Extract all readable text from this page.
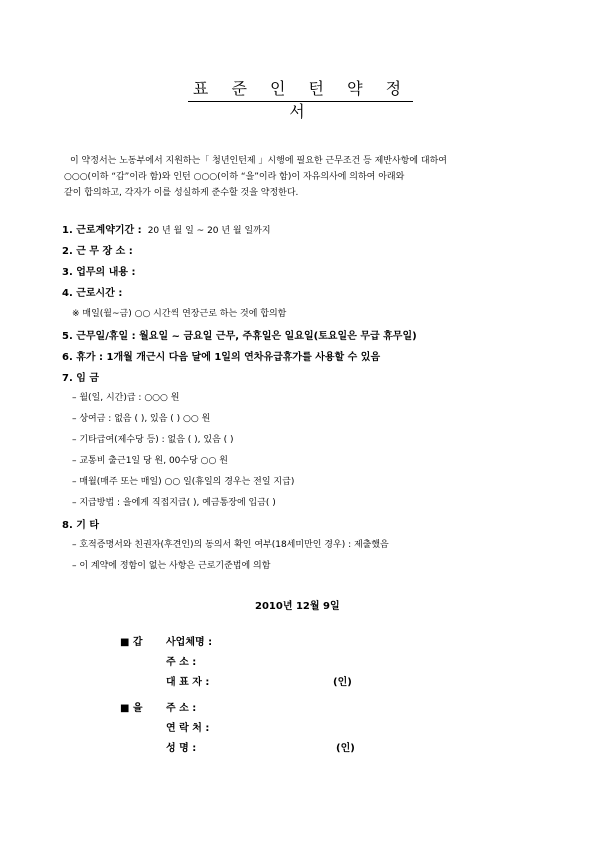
표 준 인 턴 약 정 서
이 약정서는 노동부에서 지원하는「 청년인턴제 」시행에 필요한 근무조건 등 제반사항에 대하여
○○○(이하 “갑”이라 함)와 인턴 ○○○(이하 “을”이라 함)이 자유의사에 의하여 아래와
같이 합의하고, 각자가 이를 성실하게 준수할 것을 약정한다.
1. 근로계약기간 : 20 년 월 일 ~ 20 년 월 일까지
2. 근 무 장 소 :
3. 업무의 내용 :
4. 근로시간 :
※ 매일(월~금) ○○ 시간씩 연장근로 하는 것에 합의함
5. 근무일/휴일 : 월요일 ~ 금요일 근무, 주휴일은 일요일(토요일은 무급 휴무일)
6. 휴가 : 1개월 개근시 다음 달에 1일의 연차유급휴가를 사용할 수 있음
7. 임 금
– 월(일, 시간)급 : ○○○ 원
– 상여금 : 없음 ( ), 있음 ( ) ○○ 원
– 기타급여(제수당 등) : 없음 ( ), 있음 ( )
– 교통비 출근1일 당 원, 00수당 ○○ 원
– 매월(매주 또는 매일) ○○ 일(휴일의 경우는 전일 지급)
– 지급방법 : 을에게 직접지급( ), 예금통장에 입금( )
8. 기 타
– 호적증명서와 친권자(후견인)의 동의서 확인 여부(18세미만인 경우) : 제출했음
– 이 계약에 정함이 없는 사항은 근로기준법에 의함
2010년 12월 9일
■ 갑 사업체명 :
주 소 :
대 표 자 :	(인)
■ 을 주 소 :
연 락 처 :
성 명 :	(인)
